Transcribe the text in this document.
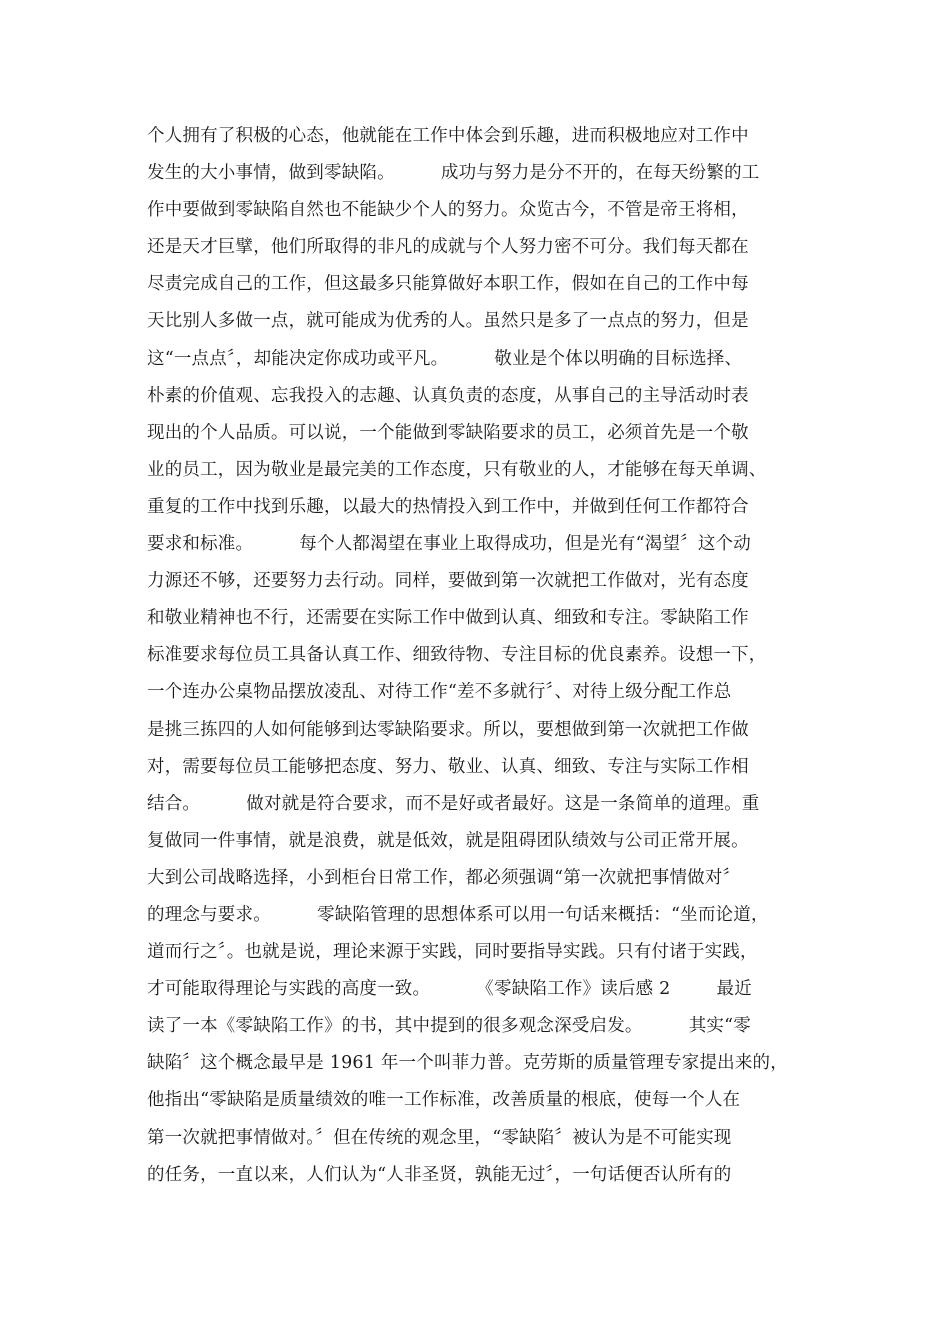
个人拥有了积极的心态，他就能在工作中体会到乐趣，进而积极地应对工作中
发生的大小事情，做到零缺陷。        成功与努力是分不开的，在每天纷繁的工
作中要做到零缺陷自然也不能缺少个人的努力。众览古今，不管是帝王将相，
还是天才巨擘，他们所取得的非凡的成就与个人努力密不可分。我们每天都在
尽责完成自己的工作，但这最多只能算做好本职工作，假如在自己的工作中每
天比别人多做一点，就可能成为优秀的人。虽然只是多了一点点的努力，但是
这“一点点〞，却能决定你成功或平凡。        敬业是个体以明确的目标选择、
朴素的价值观、忘我投入的志趣、认真负责的态度，从事自己的主导活动时表
现出的个人品质。可以说，一个能做到零缺陷要求的员工，必须首先是一个敬
业的员工，因为敬业是最完美的工作态度，只有敬业的人，才能够在每天单调、
重复的工作中找到乐趣，以最大的热情投入到工作中，并做到任何工作都符合
要求和标准。        每个人都渴望在事业上取得成功，但是光有“渴望〞这个动
力源还不够，还要努力去行动。同样，要做到第一次就把工作做对，光有态度
和敬业精神也不行，还需要在实际工作中做到认真、细致和专注。零缺陷工作
标准要求每位员工具备认真工作、细致待物、专注目标的优良素养。设想一下，
一个连办公桌物品摆放凌乱、对待工作“差不多就行〞、对待上级分配工作总
是挑三拣四的人如何能够到达零缺陷要求。所以，要想做到第一次就把工作做
对，需要每位员工能够把态度、努力、敬业、认真、细致、专注与实际工作相
结合。        做对就是符合要求，而不是好或者最好。这是一条简单的道理。重
复做同一件事情，就是浪费，就是低效，就是阻碍团队绩效与公司正常开展。
大到公司战略选择，小到柜台日常工作，都必须强调“第一次就把事情做对〞
的理念与要求。        零缺陷管理的思想体系可以用一句话来概括：“坐而论道，
道而行之〞。也就是说，理论来源于实践，同时要指导实践。只有付诸于实践，
才可能取得理论与实践的高度一致。        《零缺陷工作》读后感 2        最近
读了一本《零缺陷工作》的书，其中提到的很多观念深受启发。        其实“零
缺陷〞这个概念最早是 1961 年一个叫菲力普。克劳斯的质量管理专家提出来的，
他指出“零缺陷是质量绩效的唯一工作标准，改善质量的根底，使每一个人在
第一次就把事情做对。〞但在传统的观念里，“零缺陷〞被认为是不可能实现
的任务，一直以来，人们认为“人非圣贤，孰能无过〞，一句话便否认所有的
